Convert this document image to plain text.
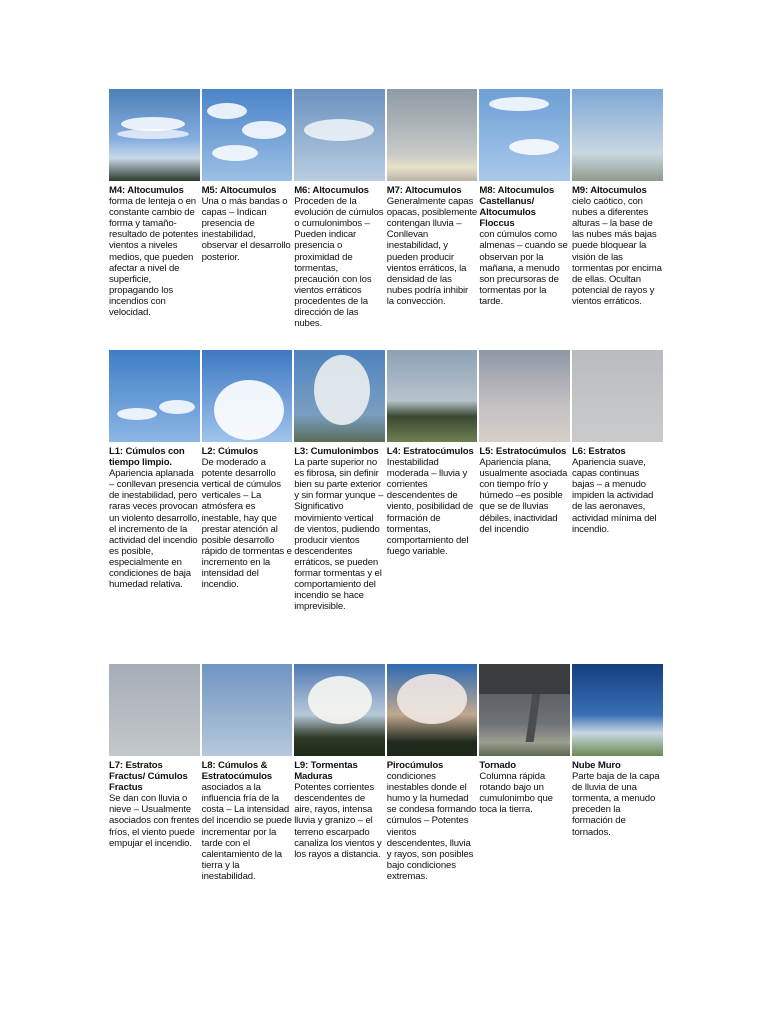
M4: Altocumulos
forma de lenteja o en constante cambio de forma y tamaño- resultado de potentes vientos a niveles medios, que pueden afectar a nivel de superficie, propagando los incendios con velocidad.
M5: Altocumulos
Una o más bandas o capas – Indican presencia de inestabilidad, observar el desarrollo posterior.
M6: Altocumulos
Proceden de la evolución de cúmulos o cumulonimbos – Pueden indicar presencia o proximidad de tormentas, precaución con los vientos erráticos procedentes de la dirección de las nubes.
M7: Altocumulos
Generalmente capas opacas, posiblemente contengan lluvia – Conllevan inestabilidad, y pueden producir vientos erráticos, la densidad de las nubes podría inhibir la convección.
M8: Altocumulos Castellanus/ Altocumulos Floccus
con cúmulos como almenas – cuando se observan por la mañana, a menudo son precursoras de tormentas por la tarde.
M9: Altocumulos
cielo caótico, con nubes a diferentes alturas – la base de las nubes más bajas puede bloquear la visión de las tormentas por encima de ellas. Ocultan potencial de rayos y vientos erráticos.
L1: Cúmulos con tiempo limpio.
Apariencia aplanada – conllevan presencia de inestabilidad, pero raras veces provocan un violento desarrollo, el incremento de la actividad del incendio es posible, especialmente en condiciones de baja humedad relativa.
L2: Cúmulos
De moderado a potente desarrollo vertical de cúmulos verticales – La atmósfera es inestable, hay que prestar atención al posible desarrollo rápido de tormentas e incremento en la intensidad del incendio.
L3: Cumulonimbos
La parte superior no es fibrosa, sin definir bien su parte exterior y sin formar yunque – Significativo movimiento vertical de vientos, pudiendo producir vientos descendentes erráticos, se pueden formar tormentas y el comportamiento del incendio se hace imprevisible.
L4: Estratocúmulos
Inestabilidad moderada – lluvia y corrientes descendentes de viento, posibilidad de formación de tormentas, comportamiento del fuego variable.
L5: Estratocúmulos
Apariencia plana, usualmente asociada con tiempo frío y húmedo –es posible que se de lluvias débiles, inactividad del incendio
L6: Estratos
Apariencia suave, capas continuas bajas – a menudo impiden la actividad de las aeronaves, actividad mínima del incendio.
L7: Estratos Fractus/ Cúmulos Fractus
Se dan con lluvia o nieve – Usualmente asociados con frentes fríos, el viento puede empujar el incendio.
L8: Cúmulos & Estratocúmulos
asociados a la influencia fría de la costa – La intensidad del incendio se puede incrementar por la tarde con el calentamiento de la tierra y la inestabilidad.
L9: Tormentas Maduras
Potentes corrientes descendentes de aire, rayos, intensa lluvia y granizo – el terreno escarpado canaliza los vientos y los rayos a distancia.
Pirocúmulos
condiciones inestables donde el humo y la humedad se condesa formando cúmulos – Potentes vientos descendentes, lluvia y rayos, son posibles bajo condiciones extremas.
Tornado
Columna rápida rotando bajo un cumulonimbo que toca la tierra.
Nube Muro
Parte baja de la capa de lluvia de una tormenta, a menudo preceden la formación de tornados.
